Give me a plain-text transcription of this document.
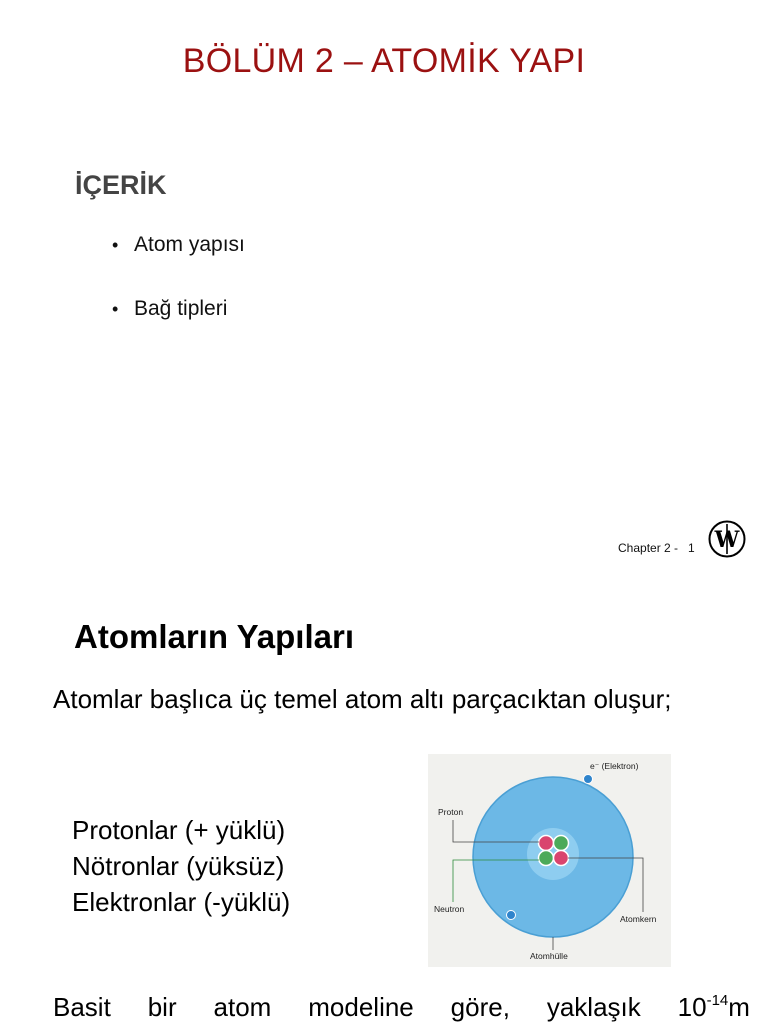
BÖLÜM 2 – ATOMİK YAPI
İÇERİK
• Atom yapısı
• Bağ tipleri
Chapter 2 -   1 W
Atomların Yapıları
Atomlar başlıca üç temel atom altı parçacıktan oluşur;
Protonlar (+ yüklü)
Nötronlar (yüksüz)
Elektronlar (-yüklü)
e⁻ (Elektron)
Proton
Neutron
Atomkern
Atomhülle
Basit bir atom modeline göre, yaklaşık $10^{-14}m$
